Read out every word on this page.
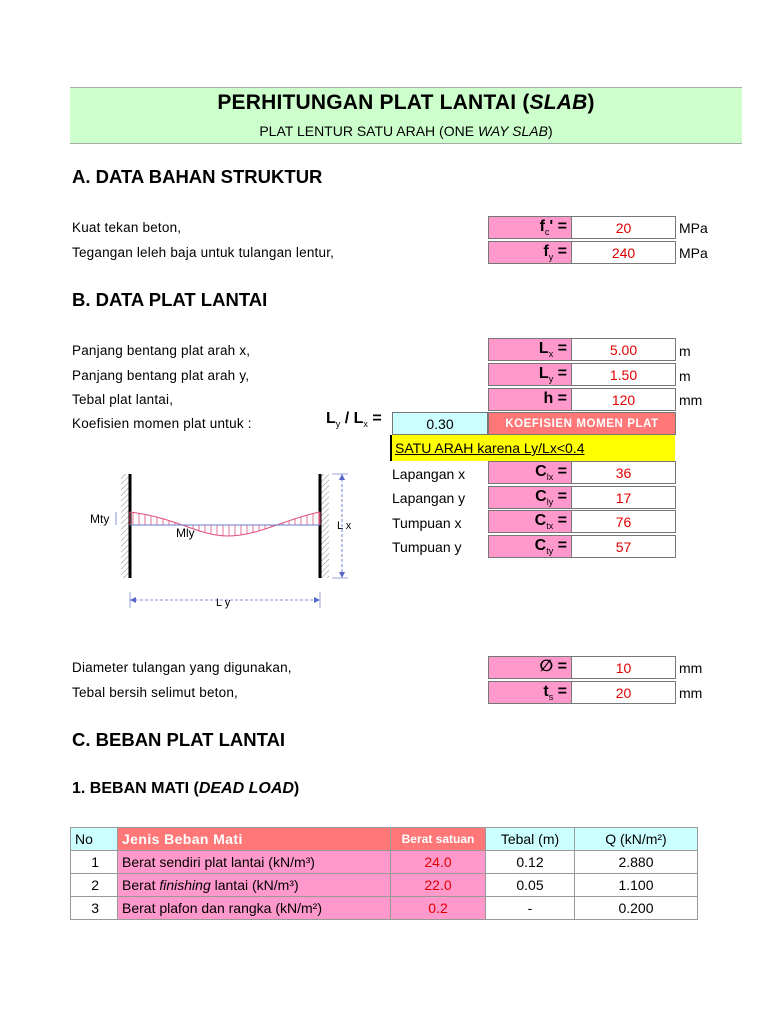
PERHITUNGAN PLAT LANTAI (SLAB)
PLAT LENTUR SATU ARAH (ONE WAY SLAB)
A. DATA BAHAN STRUKTUR
Kuat tekan beton,	$f_c'$ =	20	MPa
Tegangan leleh baja untuk tulangan lentur,	$f_y$ =	240	MPa
B. DATA PLAT LANTAI
Panjang bentang plat arah x,	$L_x$ =	5.00	m
Panjang bentang plat arah y,	$L_y$ =	1.50	m
Tebal plat lantai,	h =	120	mm
Koefisien momen plat untuk :	$L_y / L_x$ =	0.30	KOEFISIEN MOMEN PLAT
SATU ARAH karena Ly/Lx<0.4
Lapangan x	$C_{lx}$ =	36
Lapangan y	$C_{ly}$ =	17
Tumpuan x	$C_{tx}$ =	76
Tumpuan y	$C_{ty}$ =	57
L x
L y
Mty
Mly
Diameter tulangan yang digunakan,	∅ =	10	mm
Tebal bersih selimut beton,	$t_s$ =	20	mm
C. BEBAN PLAT LANTAI
1. BEBAN MATI (DEAD LOAD)
No	Jenis Beban Mati	Berat satuan	Tebal (m)	Q (kN/m²)
1	Berat sendiri plat lantai (kN/m³)	24.0	0.12	2.880
2	Berat finishing lantai (kN/m³)	22.0	0.05	1.100
3	Berat plafon dan rangka (kN/m²)	0.2	-	0.200
